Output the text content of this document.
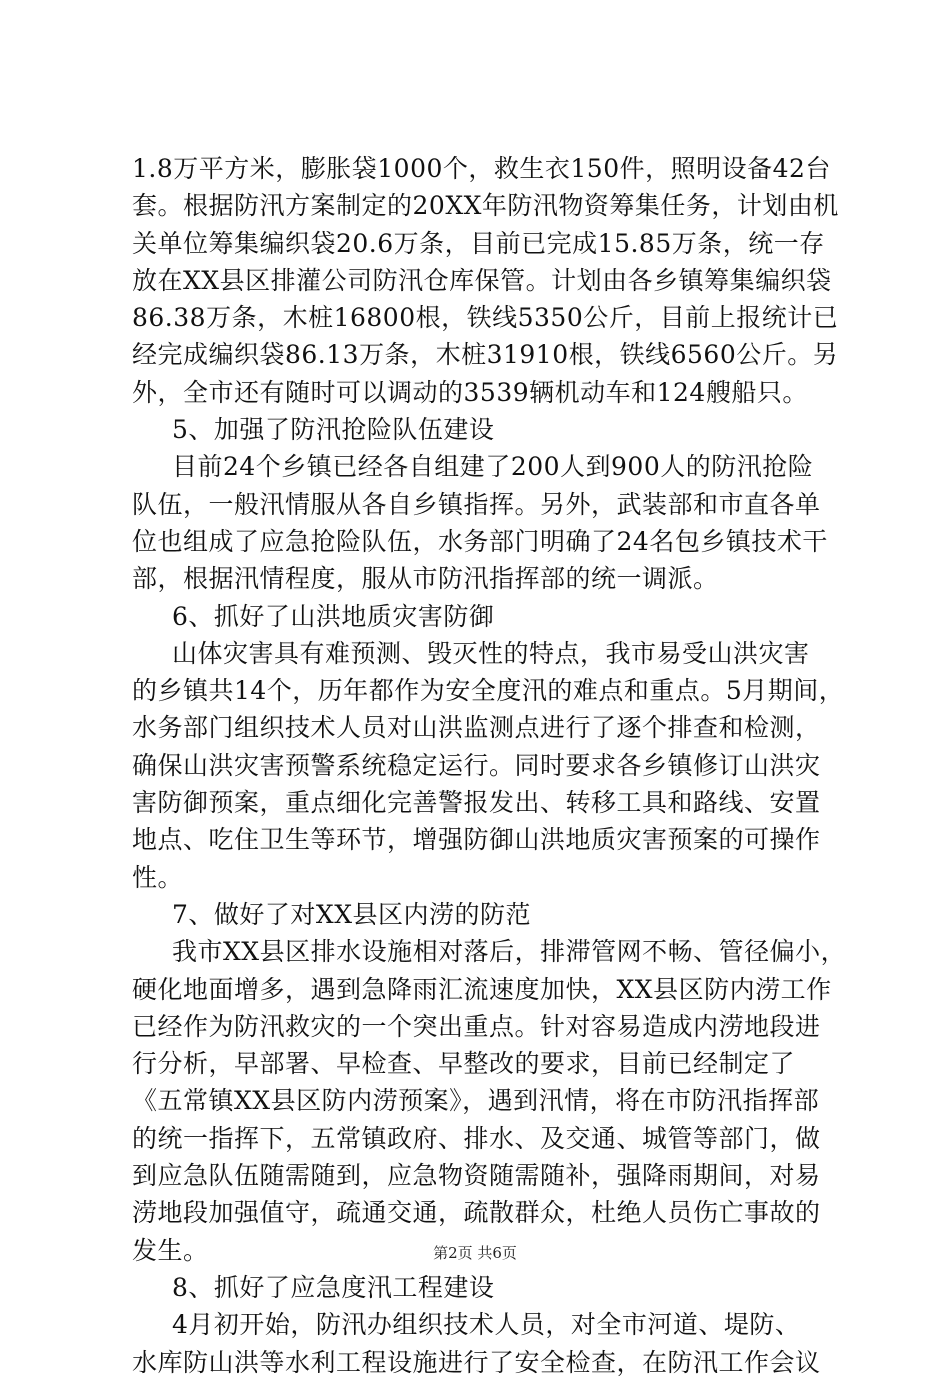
1.8万平方米，膨胀袋1000个，救生衣150件，照明设备42台
套。根据防汛方案制定的20XX年防汛物资筹集任务，计划由机
关单位筹集编织袋20.6万条，目前已完成15.85万条，统一存
放在XX县区排灌公司防汛仓库保管。计划由各乡镇筹集编织袋
86.38万条，木桩16800根，铁线5350公斤，目前上报统计已
经完成编织袋86.13万条，木桩31910根，铁线6560公斤。另
外，全市还有随时可以调动的3539辆机动车和124艘船只。
5、加强了防汛抢险队伍建设
目前24个乡镇已经各自组建了200人到900人的防汛抢险
队伍，一般汛情服从各自乡镇指挥。另外，武装部和市直各单
位也组成了应急抢险队伍，水务部门明确了24名包乡镇技术干
部，根据汛情程度，服从市防汛指挥部的统一调派。
6、抓好了山洪地质灾害防御
山体灾害具有难预测、毁灭性的特点，我市易受山洪灾害
的乡镇共14个，历年都作为安全度汛的难点和重点。5月期间，
水务部门组织技术人员对山洪监测点进行了逐个排查和检测，
确保山洪灾害预警系统稳定运行。同时要求各乡镇修订山洪灾
害防御预案，重点细化完善警报发出、转移工具和路线、安置
地点、吃住卫生等环节，增强防御山洪地质灾害预案的可操作
性。
7、做好了对XX县区内涝的防范
我市XX县区排水设施相对落后，排滞管网不畅、管径偏小，
硬化地面增多，遇到急降雨汇流速度加快，XX县区防内涝工作
已经作为防汛救灾的一个突出重点。针对容易造成内涝地段进
行分析，早部署、早检查、早整改的要求，目前已经制定了
《五常镇XX县区防内涝预案》，遇到汛情，将在市防汛指挥部
的统一指挥下，五常镇政府、排水、及交通、城管等部门，做
到应急队伍随需随到，应急物资随需随补，强降雨期间，对易
涝地段加强值守，疏通交通，疏散群众，杜绝人员伤亡事故的
发生。
8、抓好了应急度汛工程建设
4月初开始，防汛办组织技术人员，对全市河道、堤防、
水库防山洪等水利工程设施进行了安全检查，在防汛工作会议
第2页 共6页
